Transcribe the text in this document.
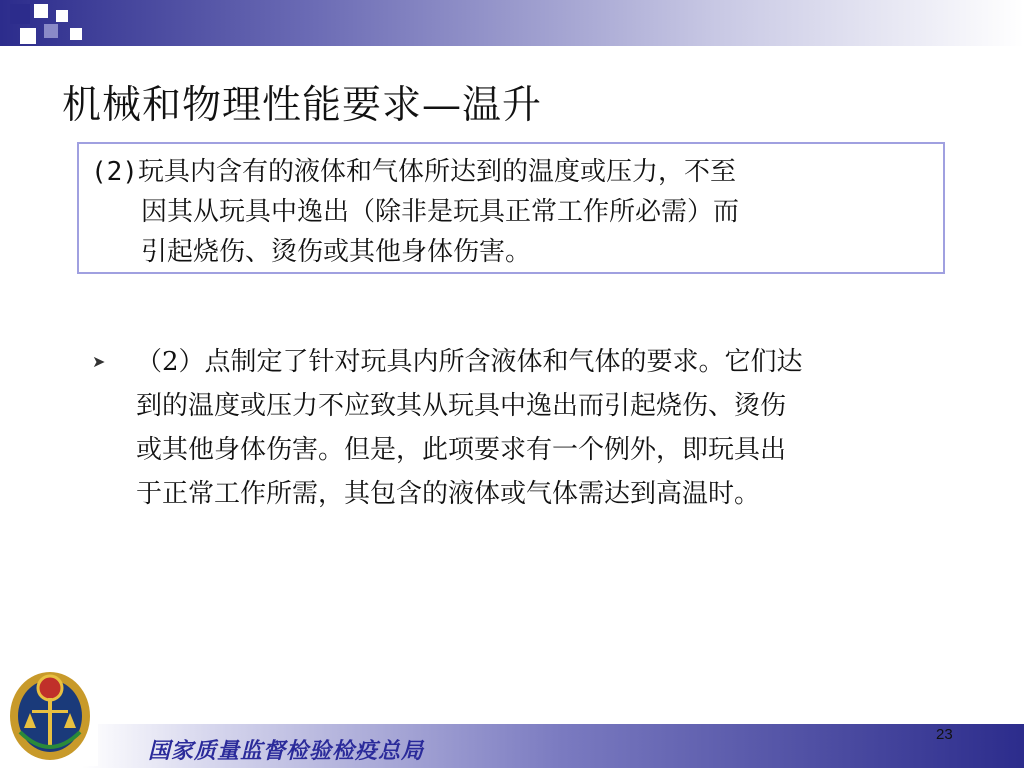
机械和物理性能要求—温升
(2)玩具内含有的液体和气体所达到的温度或压力，不至
因其从玩具中逸出（除非是玩具正常工作所必需）而
引起烧伤、烫伤或其他身体伤害。
➤ （2）点制定了针对玩具内所含液体和气体的要求。它们达
到的温度或压力不应致其从玩具中逸出而引起烧伤、烫伤
或其他身体伤害。但是，此项要求有一个例外，即玩具出
于正常工作所需，其包含的液体或气体需达到高温时。
国家质量监督检验检疫总局
23
